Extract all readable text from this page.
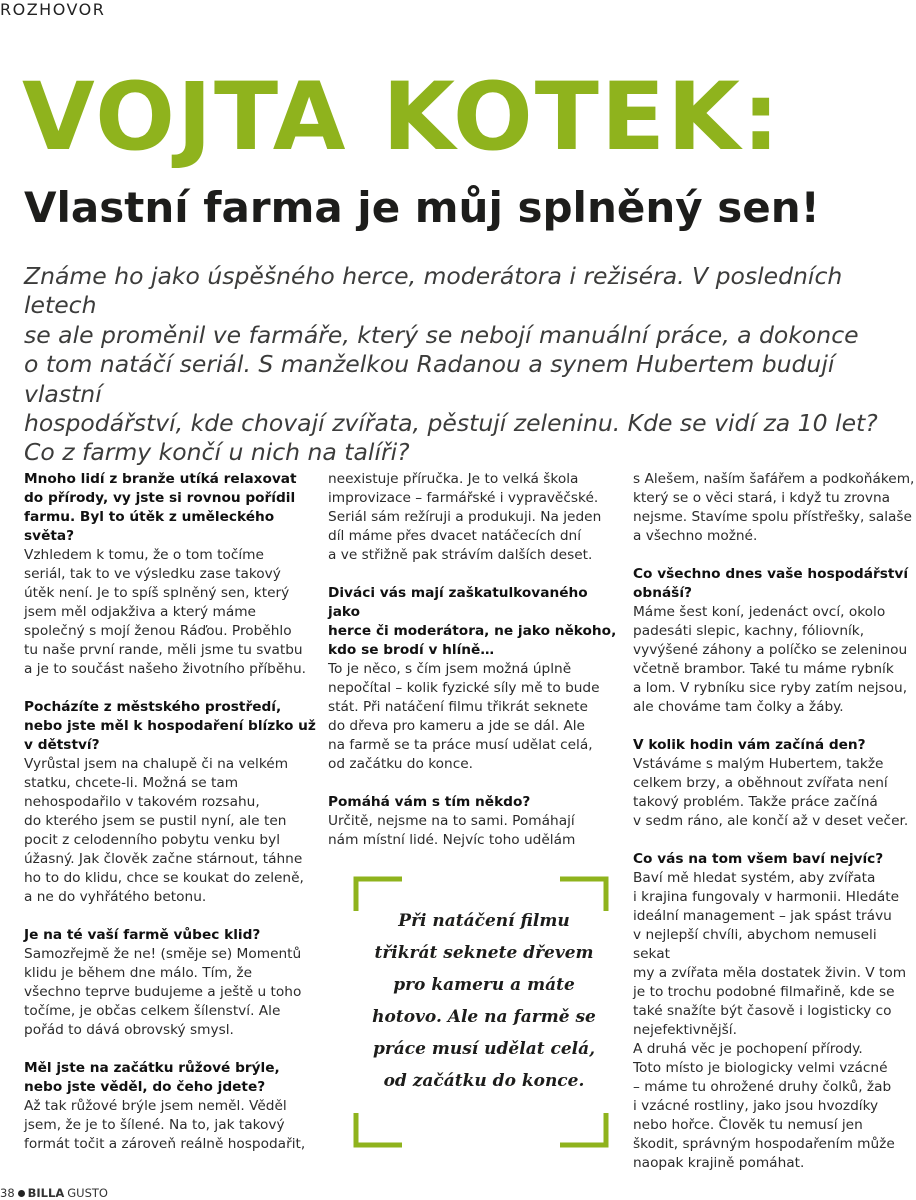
ROZHOVOR
VOJTA KOTEK:
Vlastní farma je můj splněný sen!
Známe ho jako úspěšného herce, moderátora i režiséra. V posledních letech
se ale proměnil ve farmáře, který se nebojí manuální práce, a dokonce
o tom natáčí seriál. S manželkou Radanou a synem Hubertem budují vlastní
hospodářství, kde chovají zvířata, pěstují zeleninu. Kde se vidí za 10 let?
Co z farmy končí u nich na talíři?

Mnoho lidí z branže utíká relaxovat
do přírody, vy jste si rovnou pořídil
farmu. Byl to útěk z uměleckého
světa?

Vzhledem k tomu, že o tom točíme
seriál, tak to ve výsledku zase takový
útěk není. Je to spíš splněný sen, který
jsem měl odjakživa a který máme
společný s mojí ženou Ráďou. Proběhlo
tu naše první rande, měli jsme tu svatbu
a je to součást našeho životního příběhu.

Pocházíte z městského prostředí,
nebo jste měl k hospodaření blízko už
v dětství?

Vyrůstal jsem na chalupě či na velkém
statku, chcete-li. Možná se tam
nehospodařilo v takovém rozsahu,
do kterého jsem se pustil nyní, ale ten
pocit z celodenního pobytu venku byl
úžasný. Jak člověk začne stárnout, táhne
ho to do klidu, chce se koukat do zeleně,
a ne do vyhřátého betonu.

Je na té vaší farmě vůbec klid?

Samozřejmě že ne! (směje se) Momentů
klidu je během dne málo. Tím, že
všechno teprve budujeme a ještě u toho
točíme, je občas celkem šílenství. Ale
pořád to dává obrovský smysl.

Měl jste na začátku růžové brýle,
nebo jste věděl, do čeho jdete?

Až tak růžové brýle jsem neměl. Věděl
jsem, že je to šílené. Na to, jak takový
formát točit a zároveň reálně hospodařit,

neexistuje příručka. Je to velká škola
improvizace – farmářské i vypravěčské.
Seriál sám režíruji a produkuji. Na jeden
díl máme přes dvacet natáčecích dní
a ve střižně pak strávím dalších deset.

Diváci vás mají zaškatulkovaného jako
herce či moderátora, ne jako někoho,
kdo se brodí v hlíně…

To je něco, s čím jsem možná úplně
nepočítal – kolik fyzické síly mě to bude
stát. Při natáčení filmu třikrát seknete
do dřeva pro kameru a jde se dál. Ale
na farmě se ta práce musí udělat celá,
od začátku do konce.

Pomáhá vám s tím někdo?

Určitě, nejsme na to sami. Pomáhají
nám místní lidé. Nejvíc toho udělám

s Alešem, naším šafářem a podkoňákem,
který se o věci stará, i když tu zrovna
nejsme. Stavíme spolu přístřešky, salaše
a všechno možné.

Co všechno dnes vaše hospodářství
obnáší?

Máme šest koní, jedenáct ovcí, okolo
padesáti slepic, kachny, fóliovník,
vyvýšené záhony a políčko se zeleninou
včetně brambor. Také tu máme rybník
a lom. V rybníku sice ryby zatím nejsou,
ale chováme tam čolky a žáby.

V kolik hodin vám začíná den?

Vstáváme s malým Hubertem, takže
celkem brzy, a oběhnout zvířata není
takový problém. Takže práce začíná
v sedm ráno, ale končí až v deset večer.

Co vás na tom všem baví nejvíc?

Baví mě hledat systém, aby zvířata
i krajina fungovaly v harmonii. Hledáte
ideální management – jak spást trávu
v nejlepší chvíli, abychom nemuseli sekat
my a zvířata měla dostatek živin. V tom
je to trochu podobné filmařině, kde se
také snažíte být časově i logisticky co
nejefektivnější.
A druhá věc je pochopení přírody.
Toto místo je biologicky velmi vzácné
– máme tu ohrožené druhy čolků, žab
i vzácné rostliny, jako jsou hvozdíky
nebo hořce. Člověk tu nemusí jen
škodit, správným hospodařením může
naopak krajině pomáhat.

Při natáčení filmu
třikrát seknete dřevem
pro kameru a máte
hotovo. Ale na farmě se
práce musí udělat celá,
od začátku do konce.
38 BILLA GUSTO
